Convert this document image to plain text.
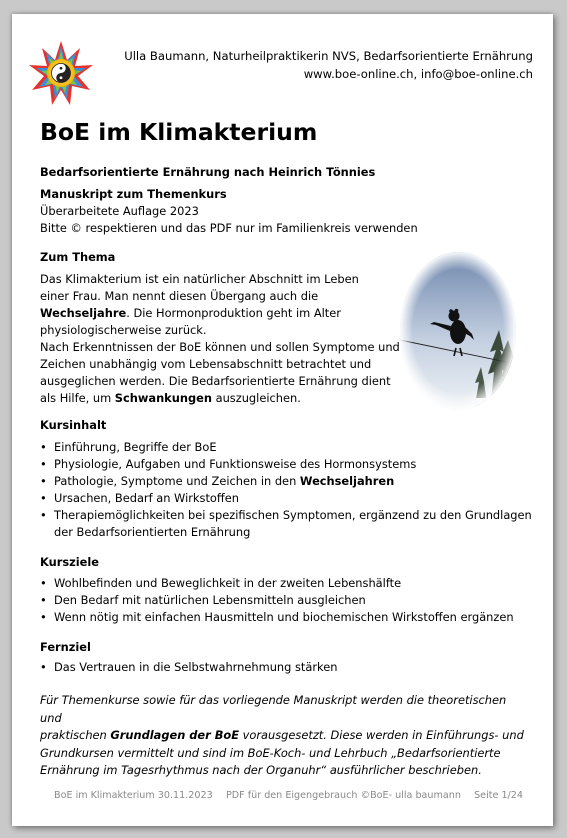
Ulla Baumann, Naturheilpraktikerin NVS, Bedarfsorientierte Ernährung
www.boe-online.ch, info@boe-online.ch
BoE im Klimakterium
Bedarfsorientierte Ernährung nach Heinrich Tönnies
Manuskript zum Themenkurs
Überarbeitete Auflage 2023
Bitte © respektieren und das PDF nur im Familienkreis verwenden
Zum Thema

Das Klimakterium ist ein natürlicher Abschnitt im Leben

einer Frau. Man nennt diesen Übergang auch die

Wechseljahre. Die Hormonproduktion geht im Alter

physiologischerweise zurück.

Nach Erkenntnissen der BoE können und sollen Symptome und

Zeichen unabhängig vom Lebensabschnitt betrachtet und

ausgeglichen werden. Die Bedarfsorientierte Ernährung dient

als Hilfe, um Schwankungen auszugleichen.

Kursinhalt
• Einführung, Begriffe der BoE
• Physiologie, Aufgaben und Funktionsweise des Hormonsystems
• Pathologie, Symptome und Zeichen in den Wechseljahren
• Ursachen, Bedarf an Wirkstoffen
• Therapiemöglichkeiten bei spezifischen Symptomen, ergänzend zu den Grundlagen
der Bedarfsorientierten Ernährung
Kursziele
• Wohlbefinden und Beweglichkeit in der zweiten Lebenshälfte
• Den Bedarf mit natürlichen Lebensmitteln ausgleichen
• Wenn nötig mit einfachen Hausmitteln und biochemischen Wirkstoffen ergänzen
Fernziel
• Das Vertrauen in die Selbstwahrnehmung stärken
Für Themenkurse sowie für das vorliegende Manuskript werden die theoretischen und
praktischen Grundlagen der BoE vorausgesetzt. Diese werden in Einführungs- und
Grundkursen vermittelt und sind im BoE-Koch- und Lehrbuch „Bedarfsorientierte
Ernährung im Tagesrhythmus nach der Organuhr“ ausführlicher beschrieben.
BoE im Klimakterium 30.11.2023 PDF für den Eigengebrauch ©BoE- ulla baumann Seite 1/24
